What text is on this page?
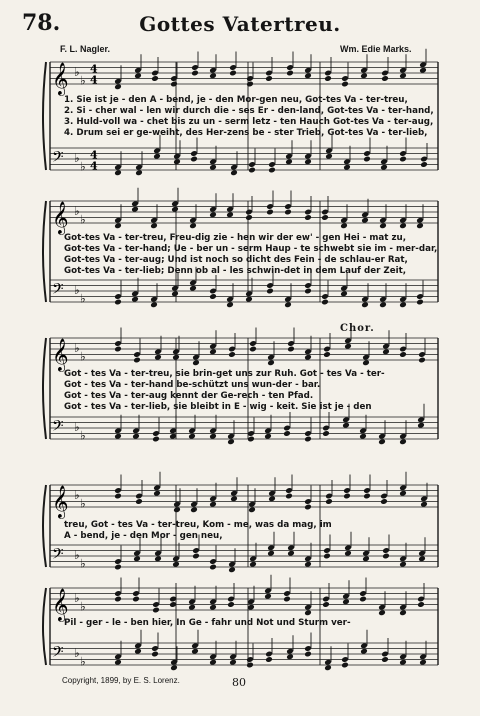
78.	Gottes Vatertreu.
F. L. Nagler.	Wm. Edie Marks.
Chor.
𝄞
𝄢
♭
♭
♭
♭
4
4
4
4
𝄞
𝄢
♭
♭
♭
♭
𝄞
𝄢
♭
♭
♭
♭
𝄞
𝄢
♭
♭
♭
♭
𝄞
𝄢
♭
♭
♭
♭
Copyright, 1899, by E. S. Lorenz.	80
1. Sie ist je - den A - bend, je - den Mor-gen neu, Got-tes Va - ter-treu,
2. Si - cher wal - len wir durch die - ses Er - den-land, Got-tes Va - ter-hand,
3. Huld-voll wa - chet bis zu un - serm letz - ten Hauch Got-tes Va - ter-aug,
4. Drum sei er ge-weiht, des Her-zens be - ster Trieb, Got-tes Va - ter-lieb,
Got-tes Va - ter-treu, Freu-dig zie - hen wir der ew' - gen Hei - mat zu,
Got-tes Va - ter-hand; Ue - ber un - serm Haup - te schwebt sie im - mer-dar,
Got-tes Va - ter-aug; Und ist noch so dicht des Fein - de schlau-er Rat,
Got-tes Va - ter-lieb; Denn ob al - les schwin-det in dem Lauf der Zeit,
Got - tes Va - ter-treu, sie brin-get uns zur Ruh. Got - tes Va - ter-
Got - tes Va - ter-hand be-schützt uns wun-der - bar.
Got - tes Va - ter-aug kennt der Ge-rech - ten Pfad.
Got - tes Va - ter-lieb, sie bleibt in E - wig - keit. Sie ist je - den
treu, Got - tes Va - ter-treu, Kom - me, was da mag, im
A - bend, je - den Mor - gen neu,
Pil - ger - le - ben hier, In Ge - fahr und Not und Sturm ver-
